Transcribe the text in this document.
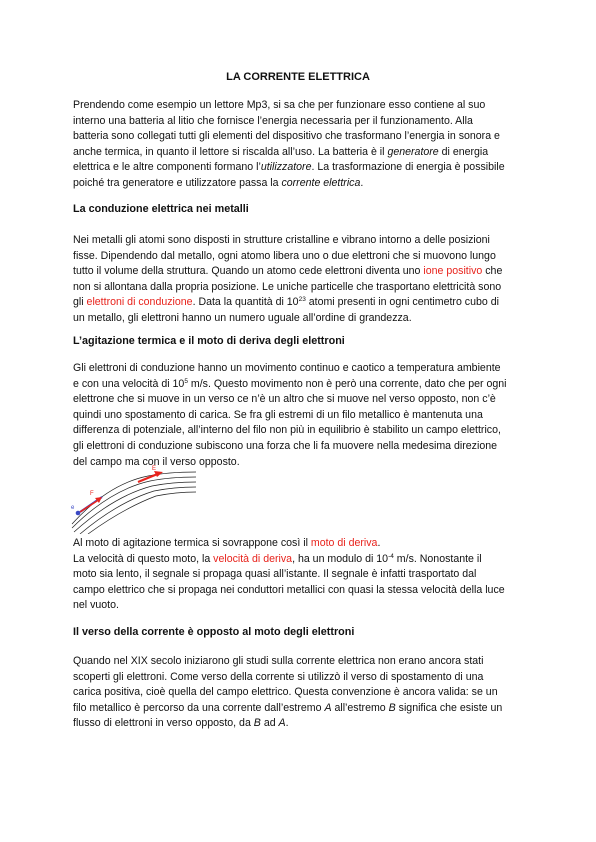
LA CORRENTE ELETTRICA
Prendendo come esempio un lettore Mp3, si sa che per funzionare esso contiene al suo
interno una batteria al litio che fornisce l’energia necessaria per il funzionamento. Alla
batteria sono collegati tutti gli elementi del dispositivo che trasformano l’energia in sonora e
anche termica, in quanto il lettore si riscalda all’uso. La batteria è il generatore di energia
elettrica e le altre componenti formano l’utilizzatore. La trasformazione di energia è possibile
poiché tra generatore e utilizzatore passa la corrente elettrica.
La conduzione elettrica nei metalli
Nei metalli gli atomi sono disposti in strutture cristalline e vibrano intorno a delle posizioni
fisse. Dipendendo dal metallo, ogni atomo libera uno o due elettroni che si muovono lungo
tutto il volume della struttura. Quando un atomo cede elettroni diventa uno ione positivo che
non si allontana dalla propria posizione. Le uniche particelle che trasportano elettricità sono
gli elettroni di conduzione. Data la quantità di $10^{23}$ atomi presenti in ogni centimetro cubo di
un metallo, gli elettroni hanno un numero uguale all’ordine di grandezza.
L’agitazione termica e il moto di deriva degli elettroni
Gli elettroni di conduzione hanno un movimento continuo e caotico a temperatura ambiente
e con una velocità di $10^5$ m/s. Questo movimento non è però una corrente, dato che per ogni
elettrone che si muove in un verso ce n’è un altro che si muove nel verso opposto, non c’è
quindi uno spostamento di carica. Se fra gli estremi di un filo metallico è mantenuta una
differenza di potenziale, all’interno del filo non più in equilibrio è stabilito un campo elettrico,
gli elettroni di conduzione subiscono una forza che li fa muovere nella medesima direzione
del campo ma con il verso opposto.
E
F
e
Al moto di agitazione termica si sovrappone così il moto di deriva.
La velocità di questo moto, la velocità di deriva, ha un modulo di $10^{-4}$ m/s. Nonostante il
moto sia lento, il segnale si propaga quasi all’istante. Il segnale è infatti trasportato dal
campo elettrico che si propaga nei conduttori metallici con quasi la stessa velocità della luce
nel vuoto.
Il verso della corrente è opposto al moto degli elettroni
Quando nel XIX secolo iniziarono gli studi sulla corrente elettrica non erano ancora stati
scoperti gli elettroni. Come verso della corrente si utilizzò il verso di spostamento di una
carica positiva, cioè quella del campo elettrico. Questa convenzione è ancora valida: se un
filo metallico è percorso da una corrente dall’estremo A all’estremo B significa che esiste un
flusso di elettroni in verso opposto, da B ad A.
